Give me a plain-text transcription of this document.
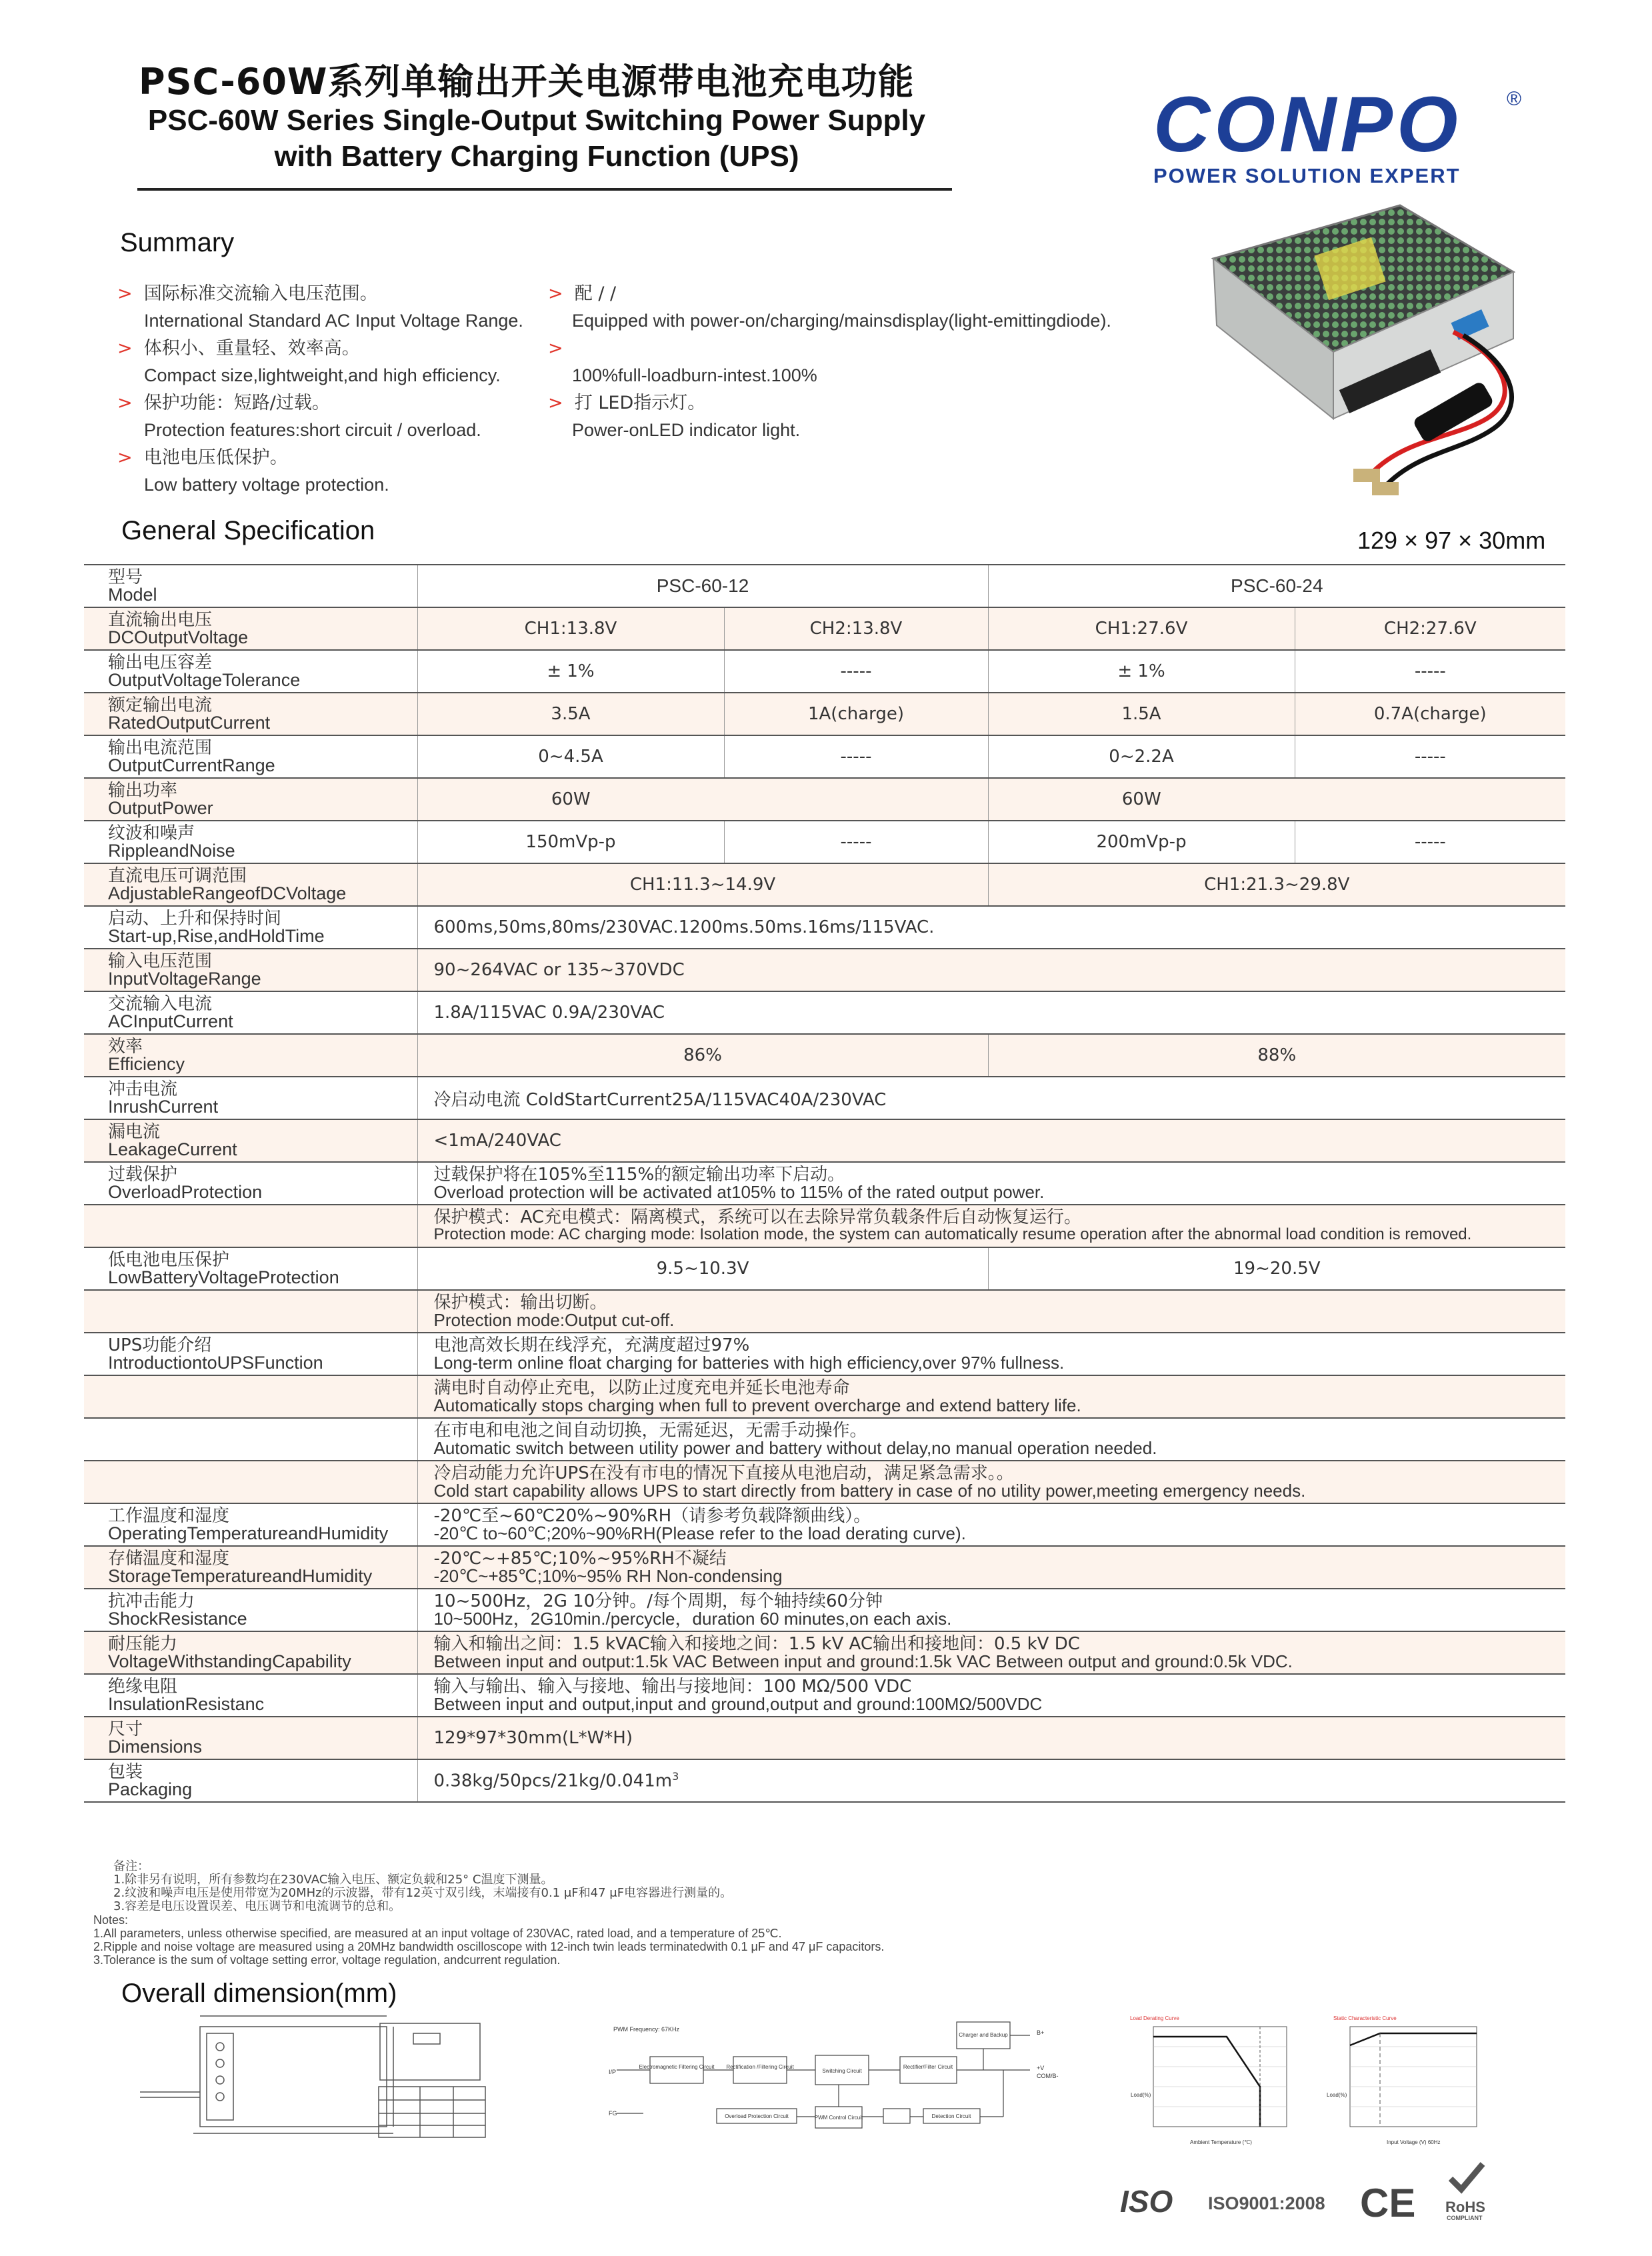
PSC-60W系列单输出开关电源带电池充电功能
PSC-60W Series Single-Output Switching Power Supply
with Battery Charging Function (UPS)	CONPO	®
POWER SOLUTION EXPERT
Summary
> 国际标准交流输入电压范围。
International Standard AC Input Voltage Range.
> 体积小、重量轻、效率高。
Compact size,lightweight,and high efficiency.
> 保护功能：短路/过载。
Protection features:short circuit / overload.
> 电池电压低保护。
Low battery voltage protection.
> 配 / /
Equipped with power-on/charging/mainsdisplay(light-emittingdiode).
>
100%full-loadburn-intest.100%
> 打 LED指示灯。
Power-onLED indicator light.
129 × 97 × 30mm
General Specification
型号
Model	PSC-60-12		PSC-60-24	

直流输出电压
DCOutputVoltage	CH1:13.8V	CH2:13.8V	CH1:27.6V	CH2:27.6V

输出电压容差
OutputVoltageTolerance	± 1%	-----	± 1%	-----

额定输出电流
RatedOutputCurrent	3.5A	1A(charge)	1.5A	0.7A(charge)

输出电流范围
OutputCurrentRange	0~4.5A	-----	0~2.2A	-----

输出功率
OutputPower	60W		60W	

纹波和噪声
RippleandNoise	150mVp-p	-----	200mVp-p	-----

直流电压可调范围
AdjustableRangeofDCVoltage	CH1:11.3~14.9V		CH1:21.3~29.8V	

启动、上升和保持时间
Start-up,Rise,andHoldTime	600ms,50ms,80ms/230VAC.1200ms.50ms.16ms/115VAC.			

输入电压范围
InputVoltageRange	90~264VAC or 135~370VDC			

交流输入电流
ACInputCurrent	1.8A/115VAC 0.9A/230VAC			

效率
Efficiency	86%		88%	

冲击电流
InrushCurrent	冷启动电流 ColdStartCurrent25A/115VAC40A/230VAC			

漏电流
LeakageCurrent	<1mA/240VAC			

过载保护
OverloadProtection	过载保护将在105%至115%的额定输出功率下启动。
Overload protection will be activated at105% to 115% of the rated output power.			

	保护模式：AC充电模式：隔离模式，系统可以在去除异常负载条件后自动恢复运行。
Protection mode: AC charging mode: Isolation mode, the system can automatically resume operation after the abnormal load condition is removed.			

低电池电压保护
LowBatteryVoltageProtection	9.5~10.3V		19~20.5V	

	保护模式：输出切断。
Protection mode:Output cut-off.			

UPS功能介绍
IntroductiontoUPSFunction	电池高效长期在线浮充，充满度超过97%
Long-term online float charging for batteries with high efficiency,over 97% fullness.			

	满电时自动停止充电，以防止过度充电并延长电池寿命
Automatically stops charging when full to prevent overcharge and extend battery life.			

	在市电和电池之间自动切换，无需延迟，无需手动操作。
Automatic switch between utility power and battery without delay,no manual operation needed.			

	冷启动能力允许UPS在没有市电的情况下直接从电池启动，满足紧急需求。。
Cold start capability allows UPS to start directly from battery in case of no utility power,meeting emergency needs.			

工作温度和湿度
OperatingTemperatureandHumidity	-20℃至~60℃20%~90%RH（请参考负载降额曲线）。
-20℃ to~60℃;20%~90%RH(Please refer to the load derating curve).			

存储温度和湿度
StorageTemperatureandHumidity	-20℃~+85℃;10%~95%RH不凝结
-20℃~+85℃;10%~95% RH Non-condensing			

抗冲击能力
ShockResistance	10~500Hz，2G 10分钟。/每个周期，每个轴持续60分钟
10~500Hz，2G10min./percycle，duration 60 minutes,on each axis.			

耐压能力
VoltageWithstandingCapability	输入和输出之间：1.5 kVAC输入和接地之间：1.5 kV AC输出和接地间：0.5 kV DC
Between input and output:1.5k VAC Between input and ground:1.5k VAC Between output and ground:0.5k VDC.			

绝缘电阻
InsulationResistanc	输入与输出、输入与接地、输出与接地间：100 MΩ/500 VDC
Between input and output,input and ground,output and ground:100MΩ/500VDC			

尺寸
Dimensions	129*97*30mm(L*W*H)			

包装
Packaging	$0.38kg/50pcs/21kg/0.041m^3$
备注：
1.除非另有说明，所有参数均在230VAC输入电压、额定负载和25° C温度下测量。
2.纹波和噪声电压是使用带宽为20MHz的示波器，带有12英寸双引线，末端接有0.1 μF和47 μF电容器进行测量的。
3.容差是电压设置误差、电压调节和电流调节的总和。
Notes:
1.All parameters, unless otherwise specified, are measured at an input voltage of 230VAC, rated load, and a temperature of 25℃.
2.Ripple and noise voltage are measured using a 20MHz bandwidth oscilloscope with 12-inch twin leads terminatedwith 0.1 μF and 47 μF capacitors.
3.Tolerance is the sum of voltage setting error, voltage regulation, andcurrent regulation.
Overall dimension(mm)
PWM Frequency: 67KHz
I/P
FG
B+
+V
COM/B-
Electromagnetic Filtering Circuit Rectification /Filtering Circuit
Switching Circuit
Rectifier/Filter Circuit
Charger and Backup
Overload Protection Circuit	PWM Control Circuit	Detection Circuit
Load Derating Curve	Static Characteristic Curve
Ambient Temperature (℃)	Input Voltage (V) 60Hz
Load(%)	Load(%)
ISO ISO9001:2008 CE RoHS
COMPLIANT
